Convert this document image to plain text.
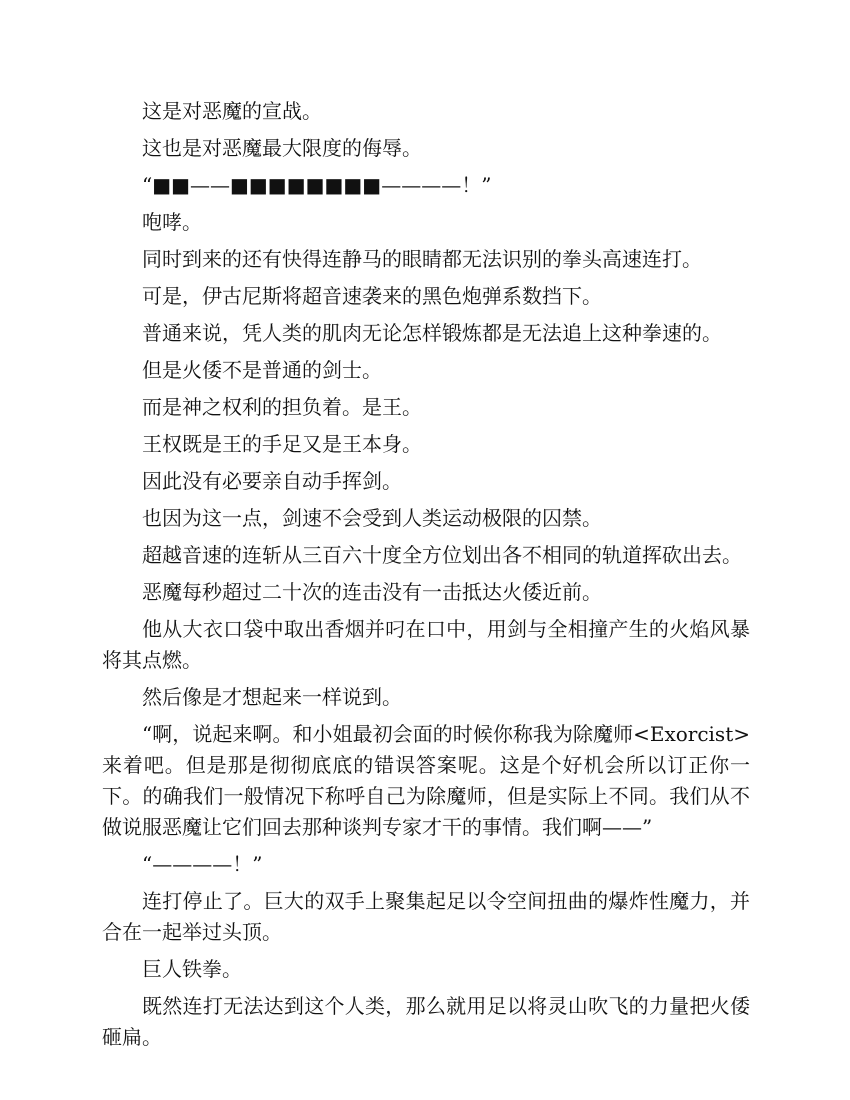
这是对恶魔的宣战。

这也是对恶魔最大限度的侮辱。

“■■——■■■■■■■■————！”

咆哮。

同时到来的还有快得连静马的眼睛都无法识别的拳头高速连打。

可是，伊古尼斯将超音速袭来的黑色炮弹系数挡下。

普通来说，凭人类的肌肉无论怎样锻炼都是无法追上这种拳速的。

但是火倭不是普通的剑士。

而是神之权利的担负着。是王。

王权既是王的手足又是王本身。

因此没有必要亲自动手挥剑。

也因为这一点，剑速不会受到人类运动极限的囚禁。

超越音速的连斩从三百六十度全方位划出各不相同的轨道挥砍出去。

恶魔每秒超过二十次的连击没有一击抵达火倭近前。

他从大衣口袋中取出香烟并叼在口中，用剑与全相撞产生的火焰风暴将其点燃。

然后像是才想起来一样说到。

“啊，说起来啊。和小姐最初会面的时候你称我为除魔师<Exorcist>来着吧。但是那是彻彻底底的错误答案呢。这是个好机会所以订正你一下。的确我们一般情况下称呼自己为除魔师，但是实际上不同。我们从不做说服恶魔让它们回去那种谈判专家才干的事情。我们啊——”

“————！”

连打停止了。巨大的双手上聚集起足以令空间扭曲的爆炸性魔力，并合在一起举过头顶。

巨人铁拳。

既然连打无法达到这个人类，那么就用足以将灵山吹飞的力量把火倭砸扁。
